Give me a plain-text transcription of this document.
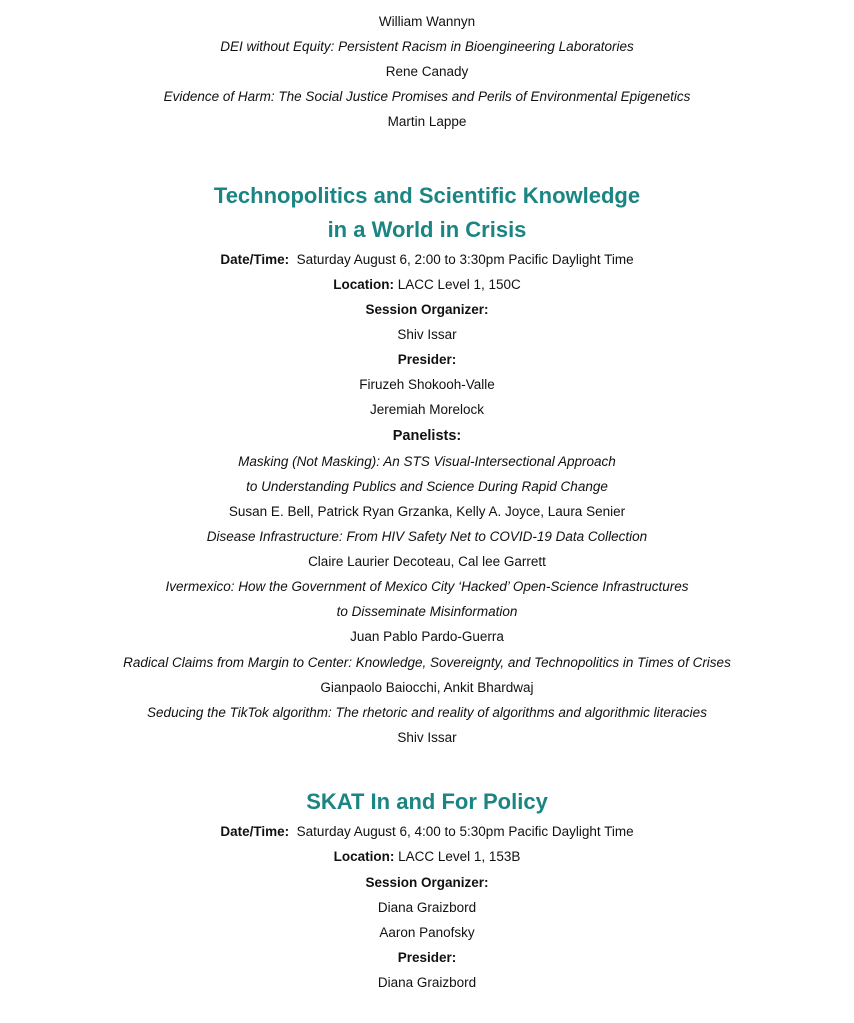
William Wannyn
DEI without Equity: Persistent Racism in Bioengineering Laboratories
Rene Canady
Evidence of Harm: The Social Justice Promises and Perils of Environmental Epigenetics
Martin Lappe
Technopolitics and Scientific Knowledge
in a World in Crisis
Date/Time: Saturday August 6, 2:00 to 3:30pm Pacific Daylight Time
Location: LACC Level 1, 150C
Session Organizer:
Shiv Issar
Presider:
Firuzeh Shokooh-Valle
Jeremiah Morelock
Panelists:
Masking (Not Masking): An STS Visual-Intersectional Approach
to Understanding Publics and Science During Rapid Change
Susan E. Bell, Patrick Ryan Grzanka, Kelly A. Joyce, Laura Senier
Disease Infrastructure: From HIV Safety Net to COVID-19 Data Collection
Claire Laurier Decoteau, Cal lee Garrett
Ivermexico: How the Government of Mexico City ‘Hacked’ Open-Science Infrastructures
to Disseminate Misinformation
Juan Pablo Pardo-Guerra
Radical Claims from Margin to Center: Knowledge, Sovereignty, and Technopolitics in Times of Crises
Gianpaolo Baiocchi, Ankit Bhardwaj
Seducing the TikTok algorithm: The rhetoric and reality of algorithms and algorithmic literacies
Shiv Issar
SKAT In and For Policy
Date/Time: Saturday August 6, 4:00 to 5:30pm Pacific Daylight Time
Location: LACC Level 1, 153B
Session Organizer:
Diana Graizbord
Aaron Panofsky
Presider:
Diana Graizbord
